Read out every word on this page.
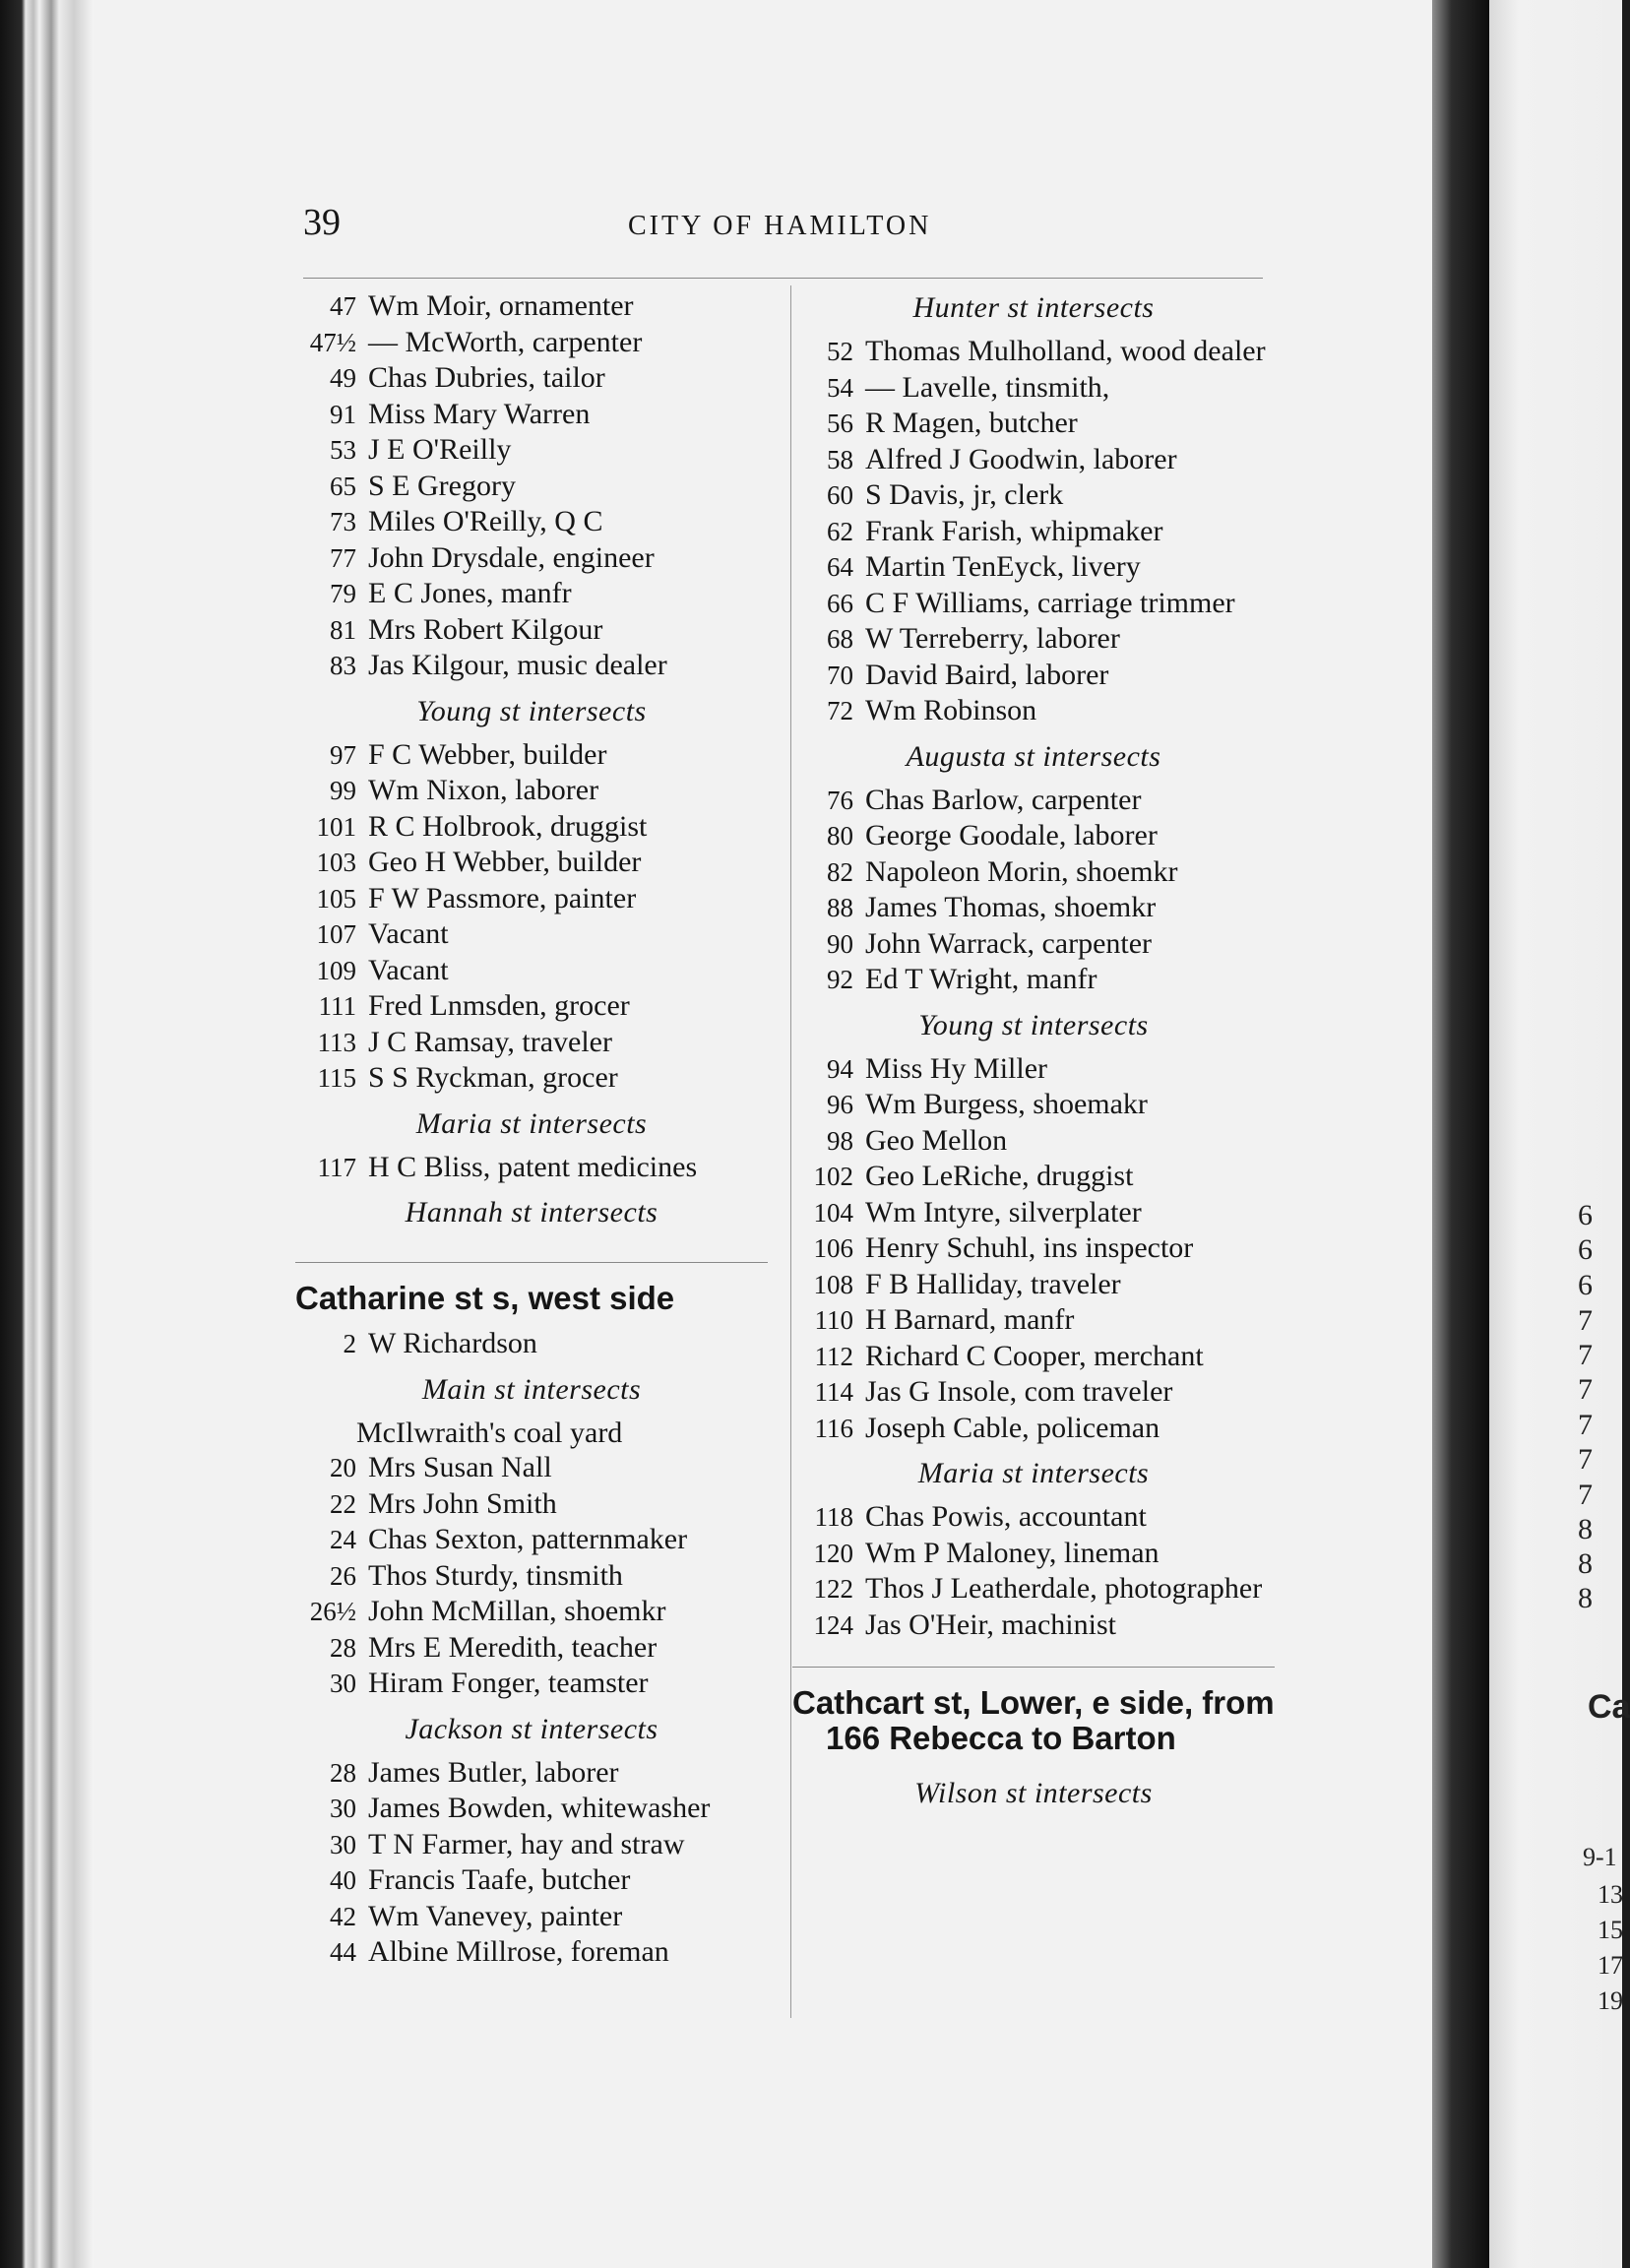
6
6
6
7
7
7
7
7
7
8
8
8
Ca
9-1
13
15
17
19
39	CITY OF HAMILTON
47 Wm Moir, ornamenter
47½ — McWorth, carpenter
49 Chas Dubries, tailor
91 Miss Mary Warren
53 J E O'Reilly
65 S E Gregory
73 Miles O'Reilly, Q C
77 John Drysdale, engineer
79 E C Jones, manfr
81 Mrs Robert Kilgour
83 Jas Kilgour, music dealer
Young st intersects
97 F C Webber, builder
99 Wm Nixon, laborer
101 R C Holbrook, druggist
103 Geo H Webber, builder
105 F W Passmore, painter
107 Vacant
109 Vacant
111 Fred Lnmsden, grocer
113 J C Ramsay, traveler
115 S S Ryckman, grocer
Maria st intersects
117 H C Bliss, patent medicines
Hannah st intersects
Catharine st s, west side
2 W Richardson
Main st intersects
McIlwraith's coal yard
20 Mrs Susan Nall
22 Mrs John Smith
24 Chas Sexton, patternmaker
26 Thos Sturdy, tinsmith
26½ John McMillan, shoemkr
28 Mrs E Meredith, teacher
30 Hiram Fonger, teamster
Jackson st intersects
28 James Butler, laborer
30 James Bowden, whitewasher
30 T N Farmer, hay and straw
40 Francis Taafe, butcher
42 Wm Vanevey, painter
44 Albine Millrose, foreman
Hunter st intersects
52 Thomas Mulholland, wood dealer
54 — Lavelle, tinsmith,
56 R Magen, butcher
58 Alfred J Goodwin, laborer
60 S Davis, jr, clerk
62 Frank Farish, whipmaker
64 Martin TenEyck, livery
66 C F Williams, carriage trimmer
68 W Terreberry, laborer
70 David Baird, laborer
72 Wm Robinson
Augusta st intersects
76 Chas Barlow, carpenter
80 George Goodale, laborer
82 Napoleon Morin, shoemkr
88 James Thomas, shoemkr
90 John Warrack, carpenter
92 Ed T Wright, manfr
Young st intersects
94 Miss Hy Miller
96 Wm Burgess, shoemakr
98 Geo Mellon
102 Geo LeRiche, druggist
104 Wm Intyre, silverplater
106 Henry Schuhl, ins inspector
108 F B Halliday, traveler
110 H Barnard, manfr
112 Richard C Cooper, merchant
114 Jas G Insole, com traveler
116 Joseph Cable, policeman
Maria st intersects
118 Chas Powis, accountant
120 Wm P Maloney, lineman
122 Thos J Leatherdale, photographer
124 Jas O'Heir, machinist
Cathcart st, Lower, e side, from 166 Rebecca to Barton
Wilson st intersects
